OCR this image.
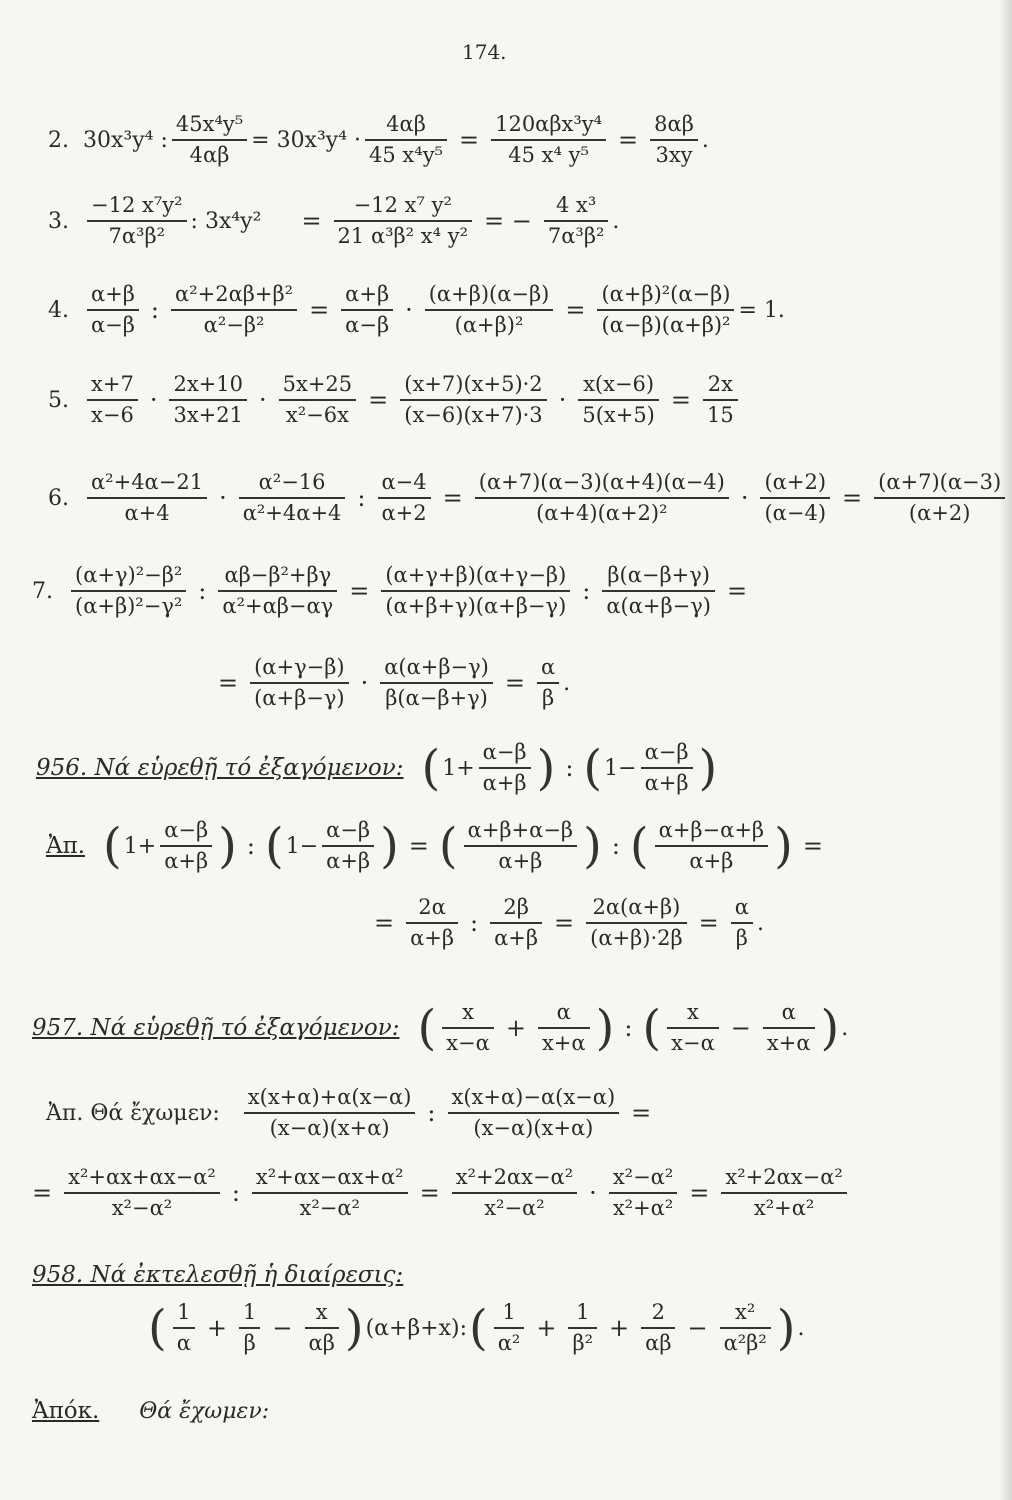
174.
2. 30x³y⁴ : $\frac{\text{45x⁴y⁵}}{4\alpha\beta} = 30x^3y^4 \cdot \frac{4\alpha\beta}{\text{45 x⁴y⁵}} = \frac{\text{120αβx³y⁴}}{\text{45 x⁴ y⁵}} = \frac{8\alpha\beta}{3xy}$ .
3. $\frac{\text{−12 x⁷y²}}{\text{7α³β²}}$ : $3x^4y^2 = \frac{\text{−12 x⁷ y²}}{\text{21 α³β² x⁴ y²}}$ = − $\frac{\text{4 x³}}{\text{7α³β²}}$ .
4. $\frac{\alpha+\beta}{\alpha-\beta}$ : $\frac{\text{α²+2αβ+β²}}{\text{α²−β²}} = \frac{\alpha+\beta}{\alpha-\beta} \cdot \frac{(\alpha+\beta)(\alpha-\beta)}{\text{(α+β)²}} = \frac{\text{(α+β)²(α−β)}}{\text{(α−β)(α+β)²}} = 1$.
5. $\frac{x+7}{x-6} \cdot \frac{2x+10}{3x+21} \cdot \frac{5x+25}{\text{x²−6x}} = \frac{(x+7)(x+5)\cdot 2}{(x-6)(x+7)\cdot 3} \cdot \frac{x(x-6)}{5(x+5)} = \frac{2x}{15}$
6. $\frac{\text{α²+4α−21}}{\alpha+4} \cdot \frac{\text{α²−16}}{\text{α²+4α+4}}$ : $\frac{\alpha-4}{\alpha+2} = \frac{(\alpha+7)(\alpha-3)(\alpha+4)(\alpha-4)}{\text{(α+4)(α+2)²}} \cdot \frac{(\alpha+2)}{(\alpha-4)} = \frac{(\alpha+7)(\alpha-3)}{(\alpha+2)}$
7. $\frac{\text{(α+γ)²−β²}}{\text{(α+β)²−γ²}}$ : $\frac{\text{αβ−β²+βγ}}{\text{α²+αβ−αγ}} = \frac{(\alpha+\gamma+\beta)(\alpha+\gamma-\beta)}{(\alpha+\beta+\gamma)(\alpha+\beta-\gamma)}$ : $\frac{\beta(\alpha-\beta+\gamma)}{\alpha(\alpha+\beta-\gamma)}$ =
= $\frac{(\alpha+\gamma-\beta)}{(\alpha+\beta-\gamma)} \cdot \frac{\alpha(\alpha+\beta-\gamma)}{\beta(\alpha-\beta+\gamma)} = \frac{\alpha}{\beta}$ .
956. Νά εὑρεθῇ τό ἐξαγόμενον: ( $1+ \frac{\alpha-\beta}{\alpha+\beta}$ ) : ( $1- \frac{\alpha-\beta}{\alpha+\beta}$ )
Ἀπ. ( $1+ \frac{\alpha-\beta}{\alpha+\beta}$ ) : ( $1- \frac{\alpha-\beta}{\alpha+\beta}$ ) = ( $\frac{\alpha+\beta+\alpha-\beta}{\alpha+\beta}$ ) : ( $\frac{\alpha+\beta-\alpha+\beta}{\alpha+\beta}$ ) =
= $\frac{2\alpha}{\alpha+\beta}$ : $\frac{2\beta}{\alpha+\beta} = \frac{2\alpha(\alpha+\beta)}{(\alpha+\beta)\cdot 2\beta} = \frac{\alpha}{\beta}$ .
957. Νά εὑρεθῇ τό ἐξαγόμενον: ( $\frac{x}{x-\alpha} + \frac{\alpha}{x+\alpha}$ ) : ( $\frac{x}{x-\alpha} - \frac{\alpha}{x+\alpha}$ ) .
Ἀπ. Θά ἔχωμεν: $\frac{x(x+\alpha)+\alpha(x-\alpha)}{(x-\alpha)(x+\alpha)}$ : $\frac{x(x+\alpha)-\alpha(x-\alpha)}{(x-\alpha)(x+\alpha)}$ =
= $\frac{\text{x²+αx+αx−α²}}{\text{x²−α²}}$ : $\frac{\text{x²+αx−αx+α²}}{\text{x²−α²}} = \frac{\text{x²+2αx−α²}}{\text{x²−α²}} \cdot \frac{\text{x²−α²}}{\text{x²+α²}} = \frac{\text{x²+2αx−α²}}{\text{x²+α²}}$
958. Νά ἐκτελεσθῇ ἡ διαίρεσις:
( $\frac{1}{\alpha} + \frac{1}{\beta} - \frac{x}{\alpha\beta}$ ) (α+β+x): ( $\frac{1}{\text{α²}} + \frac{1}{\text{β²}} + \frac{2}{\alpha\beta} - \frac{\text{x²}}{\text{α²β²}}$ ) .
Ἀπόκ. Θά ἔχωμεν:
